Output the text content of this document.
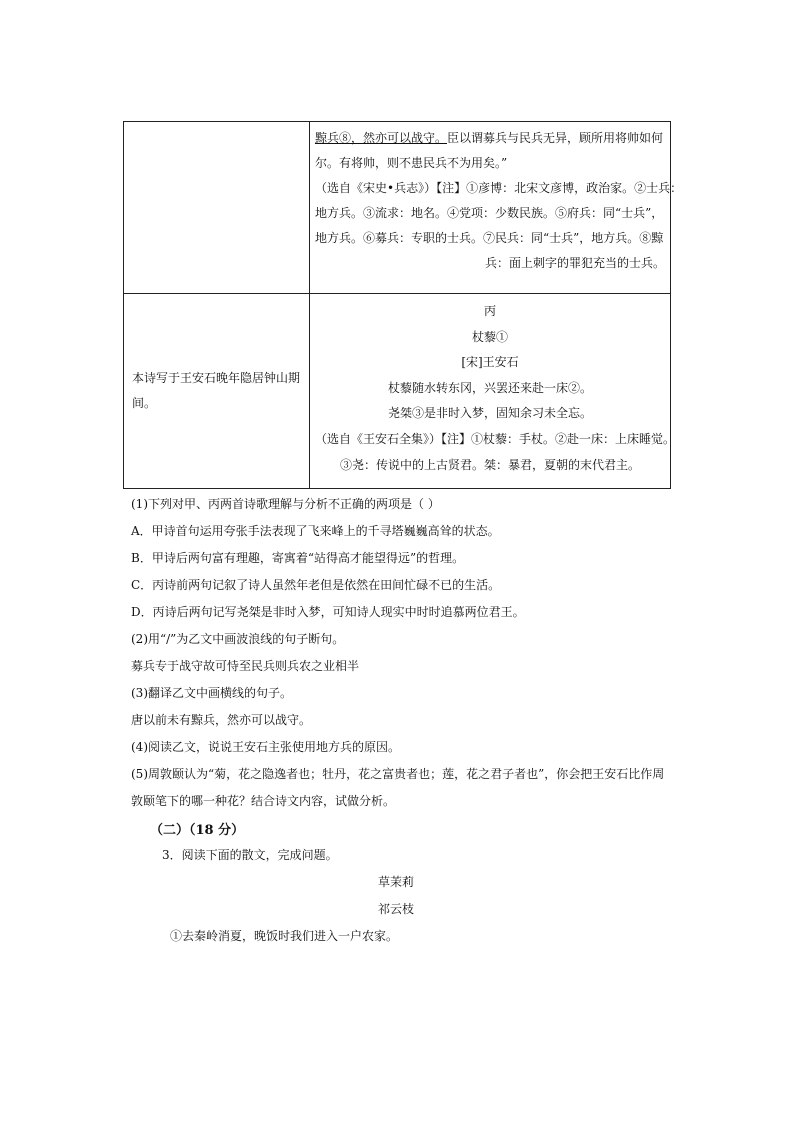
黥兵⑧，然亦可以战守。臣以谓募兵与民兵无异，顾所用将帅如何
尔。有将帅，则不患民兵不为用矣。”
（选自《宋史•兵志》）【注】①彦博：北宋文彦博，政治家。②士兵：
地方兵。③流求：地名。④党项：少数民族。⑤府兵：同“士兵”，
地方兵。⑥募兵：专职的士兵。⑦民兵：同“士兵”，地方兵。⑧黥
兵：面上刺字的罪犯充当的士兵。
本诗写于王安石晚年隐居钟山期间。
丙
杖藜①
[宋]王安石
杖藜随水转东冈，兴罢还来赴一床②。
尧桀③是非时入梦，固知余习未全忘。
（选自《王安石全集》）【注】①杖藜：手杖。②赴一床：上床睡觉。
③尧：传说中的上古贤君。桀：暴君，夏朝的末代君主。
(1)下列对甲、丙两首诗歌理解与分析不正确的两项是（ ）
A．甲诗首句运用夸张手法表现了飞来峰上的千寻塔巍巍高耸的状态。
B．甲诗后两句富有理趣，寄寓着“站得高才能望得远”的哲理。
C．丙诗前两句记叙了诗人虽然年老但是依然在田间忙碌不已的生活。
D．丙诗后两句记写尧桀是非时入梦，可知诗人现实中时时追慕两位君王。
(2)用“/”为乙文中画波浪线的句子断句。
募兵专于战守故可恃至民兵则兵农之业相半
(3)翻译乙文中画横线的句子。
唐以前未有黥兵，然亦可以战守。
(4)阅读乙文，说说王安石主张使用地方兵的原因。
(5)周敦颐认为“菊，花之隐逸者也；牡丹，花之富贵者也；莲，花之君子者也”，你会把王安石比作周
敦颐笔下的哪一种花？结合诗文内容，试做分析。
（二）（18 分）
3．阅读下面的散文，完成问题。
草茉莉
祁云枝
①去秦岭消夏，晚饭时我们进入一户农家。
